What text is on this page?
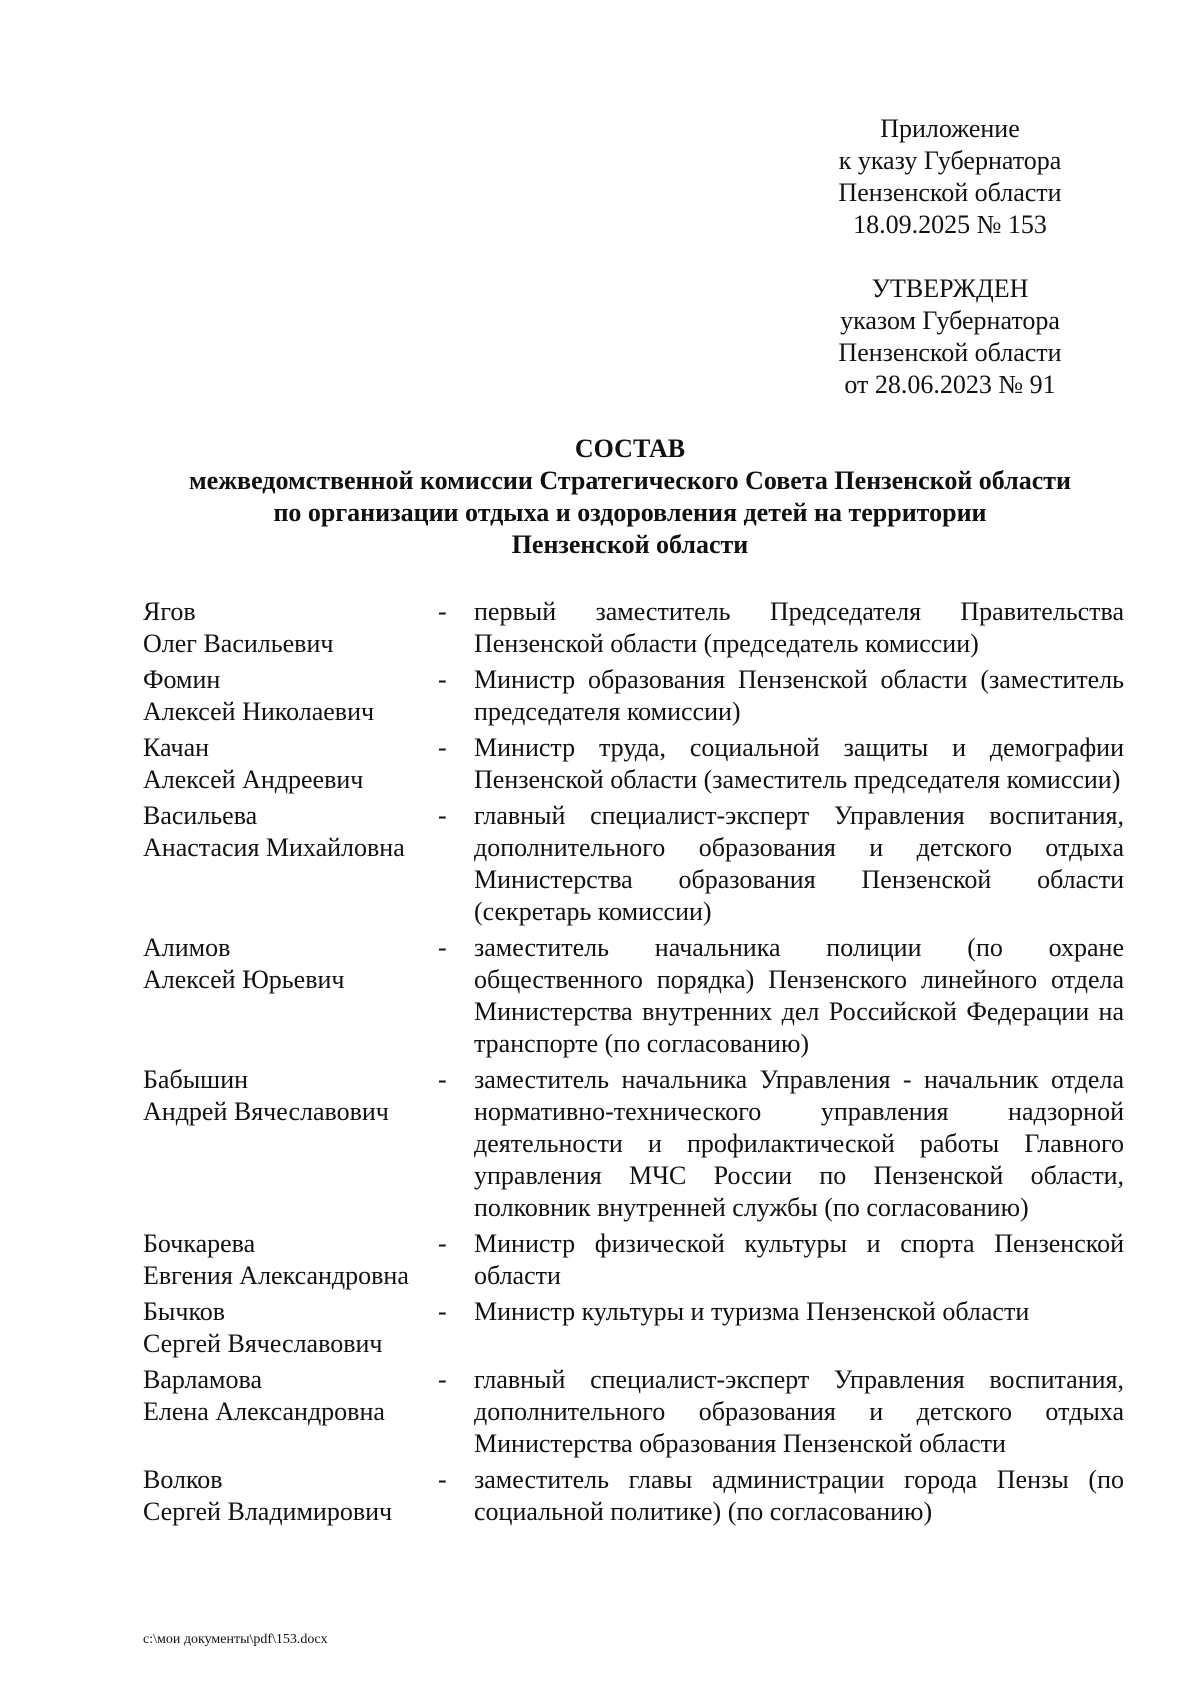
Приложение
к указу Губернатора
Пензенской области
18.09.2025 № 153
УТВЕРЖДЕН
указом Губернатора
Пензенской области
от 28.06.2023 № 91
СОСТАВ
межведомственной комиссии Стратегического Совета Пензенской области
по организации отдыха и оздоровления детей на территории
Пензенской области
Ягов
Олег Васильевич
-	первый заместитель Председателя Правительства Пензенской области (председатель комиссии)
Фомин
Алексей Николаевич
-	Министр образования Пензенской области (заместитель председателя комиссии)
Качан
Алексей Андреевич
-	Министр труда, социальной защиты и демографии Пензенской области (заместитель председателя комиссии)
Васильева
Анастасия Михайловна
-	главный специалист-эксперт Управления воспитания, дополнительного образования и детского отдыха Министерства образования Пензенской области (секретарь комиссии)
Алимов
Алексей Юрьевич
-	заместитель начальника полиции (по охране общественного порядка) Пензенского линейного отдела Министерства внутренних дел Российской Федерации на транспорте (по согласованию)
Бабышин
Андрей Вячеславович
-	заместитель начальника Управления - начальник отдела нормативно-технического управления надзорной деятельности и профилактической работы Главного управления МЧС России по Пензенской области, полковник внутренней службы (по согласованию)
Бочкарева
Евгения Александровна
-	Министр физической культуры и спорта Пензенской области
Бычков
Сергей Вячеславович
-	Министр культуры и туризма Пензенской области
Варламова
Елена Александровна
-	главный специалист-эксперт Управления воспитания, дополнительного образования и детского отдыха Министерства образования Пензенской области
Волков
Сергей Владимирович
-	заместитель главы администрации города Пензы (по социальной политике) (по согласованию)
c:\мои документы\pdf\153.docx
